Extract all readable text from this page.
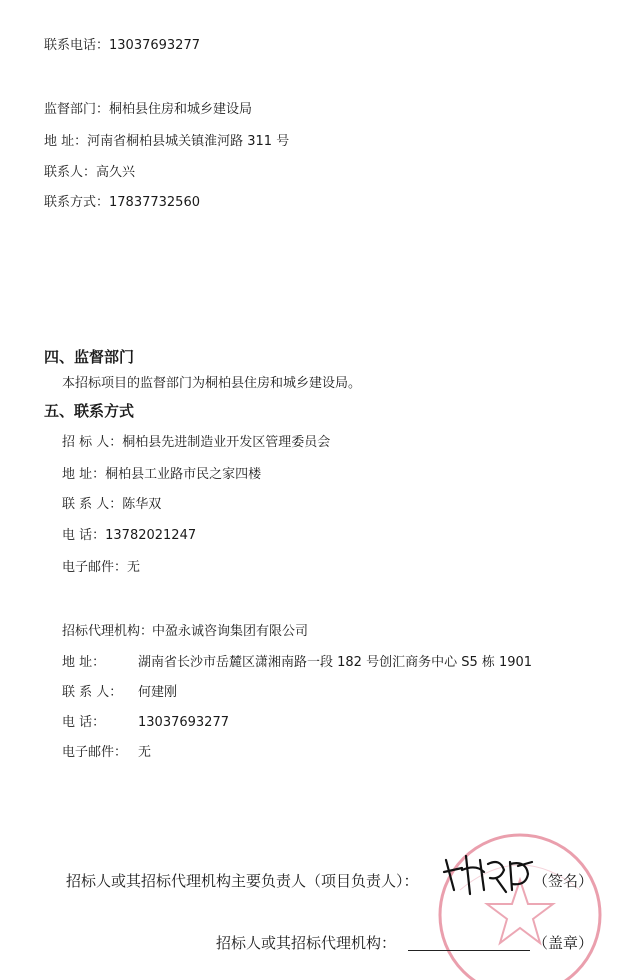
联系电话：13037693277
监督部门：桐柏县住房和城乡建设局
地 址：河南省桐柏县城关镇淮河路 311 号
联系人：高久兴
联系方式：17837732560
四、监督部门
本招标项目的监督部门为桐柏县住房和城乡建设局。
五、联系方式
招 标 人：桐柏县先进制造业开发区管理委员会
地 址：桐柏县工业路市民之家四楼
联 系 人：陈华双
电 话：13782021247
电子邮件：无
招标代理机构：
中盈永诚咨询集团有限公司
地 址：	湖南省长沙市岳麓区潇湘南路一段 182 号创汇商务中心 S5 栋 1901
联 系 人： 何建刚
电 话：	13037693277
电子邮件： 无
招标人或其招标代理机构主要负责人（项目负责人）：	（签名）
招标人或其招标代理机构：	（盖章）
